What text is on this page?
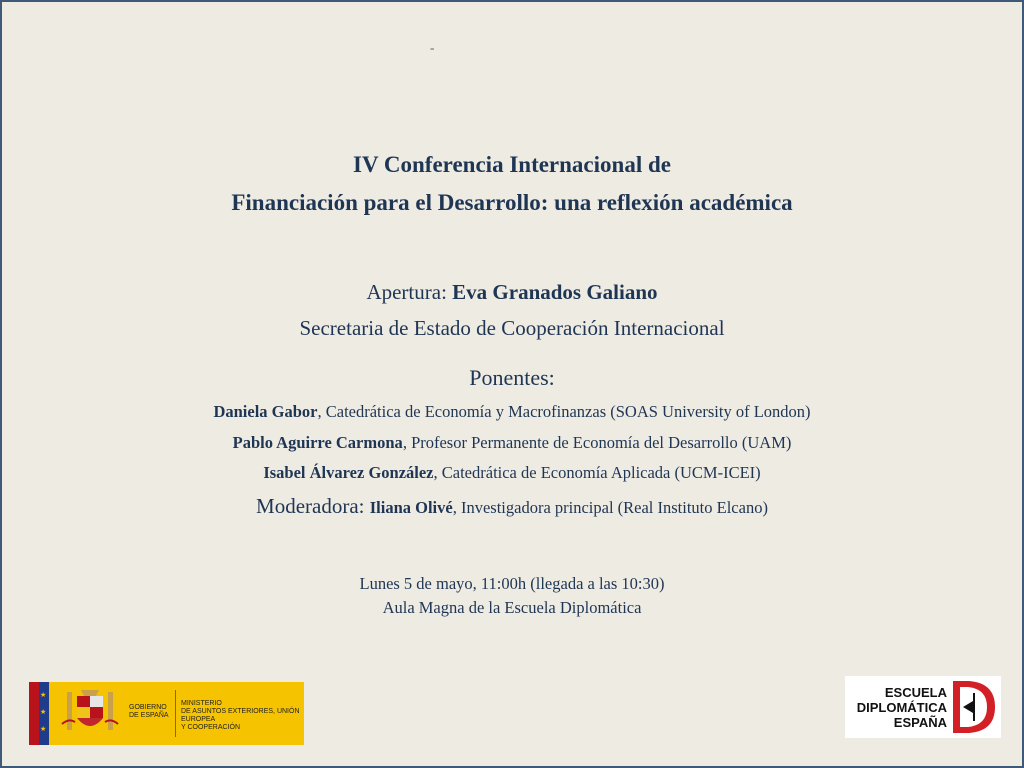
-
IV Conferencia Internacional de
Financiación para el Desarrollo: una reflexión académica
Apertura: Eva Granados Galiano
Secretaria de Estado de Cooperación Internacional
Ponentes:
Daniela Gabor, Catedrática de Economía y Macrofinanzas (SOAS University of London)
Pablo Aguirre Carmona, Profesor Permanente de Economía del Desarrollo (UAM)
Isabel Álvarez González, Catedrática de Economía Aplicada (UCM-ICEI)
Moderadora: Iliana Olivé, Investigadora principal (Real Instituto Elcano)
Lunes 5 de mayo, 11:00h (llegada a las 10:30)
Aula Magna de la Escuela Diplomática
★
★
★
GOBIERNO
DE ESPAÑA
MINISTERIO
DE ASUNTOS EXTERIORES, UNIÓN EUROPEA
Y COOPERACIÓN
ESCUELA
DIPLOMÁTICA
ESPAÑA
